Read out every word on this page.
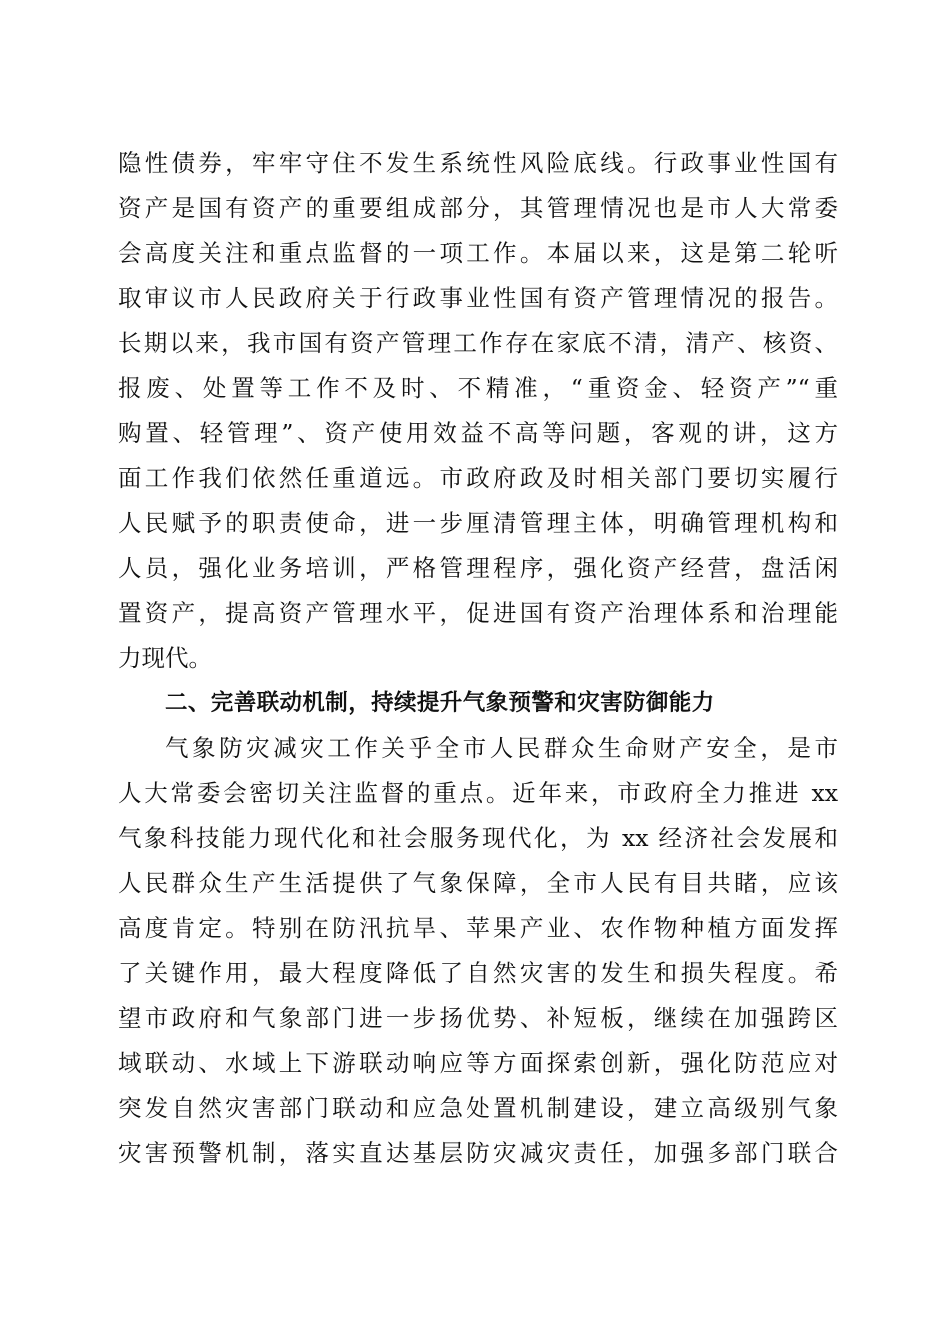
隐性债券，牢牢守住不发生系统性风险底线。行政事业性国有
资产是国有资产的重要组成部分，其管理情况也是市人大常委
会高度关注和重点监督的一项工作。本届以来，这是第二轮听
取审议市人民政府关于行政事业性国有资产管理情况的报告。
长期以来，我市国有资产管理工作存在家底不清，清产、核资、
报废、处置等工作不及时、不精准，“重资金、轻资产”“重
购置、轻管理”、资产使用效益不高等问题，客观的讲，这方
面工作我们依然任重道远。市政府政及时相关部门要切实履行
人民赋予的职责使命，进一步厘清管理主体，明确管理机构和
人员，强化业务培训，严格管理程序，强化资产经营，盘活闲
置资产，提高资产管理水平，促进国有资产治理体系和治理能
力现代。
二、完善联动机制，持续提升气象预警和灾害防御能力
气象防灾减灾工作关乎全市人民群众生命财产安全，是市
人大常委会密切关注监督的重点。近年来，市政府全力推进 xx
气象科技能力现代化和社会服务现代化，为 xx 经济社会发展和
人民群众生产生活提供了气象保障，全市人民有目共睹，应该
高度肯定。特别在防汛抗旱、苹果产业、农作物种植方面发挥
了关键作用，最大程度降低了自然灾害的发生和损失程度。希
望市政府和气象部门进一步扬优势、补短板，继续在加强跨区
域联动、水域上下游联动响应等方面探索创新，强化防范应对
突发自然灾害部门联动和应急处置机制建设，建立高级别气象
灾害预警机制，落实直达基层防灾减灾责任，加强多部门联合
